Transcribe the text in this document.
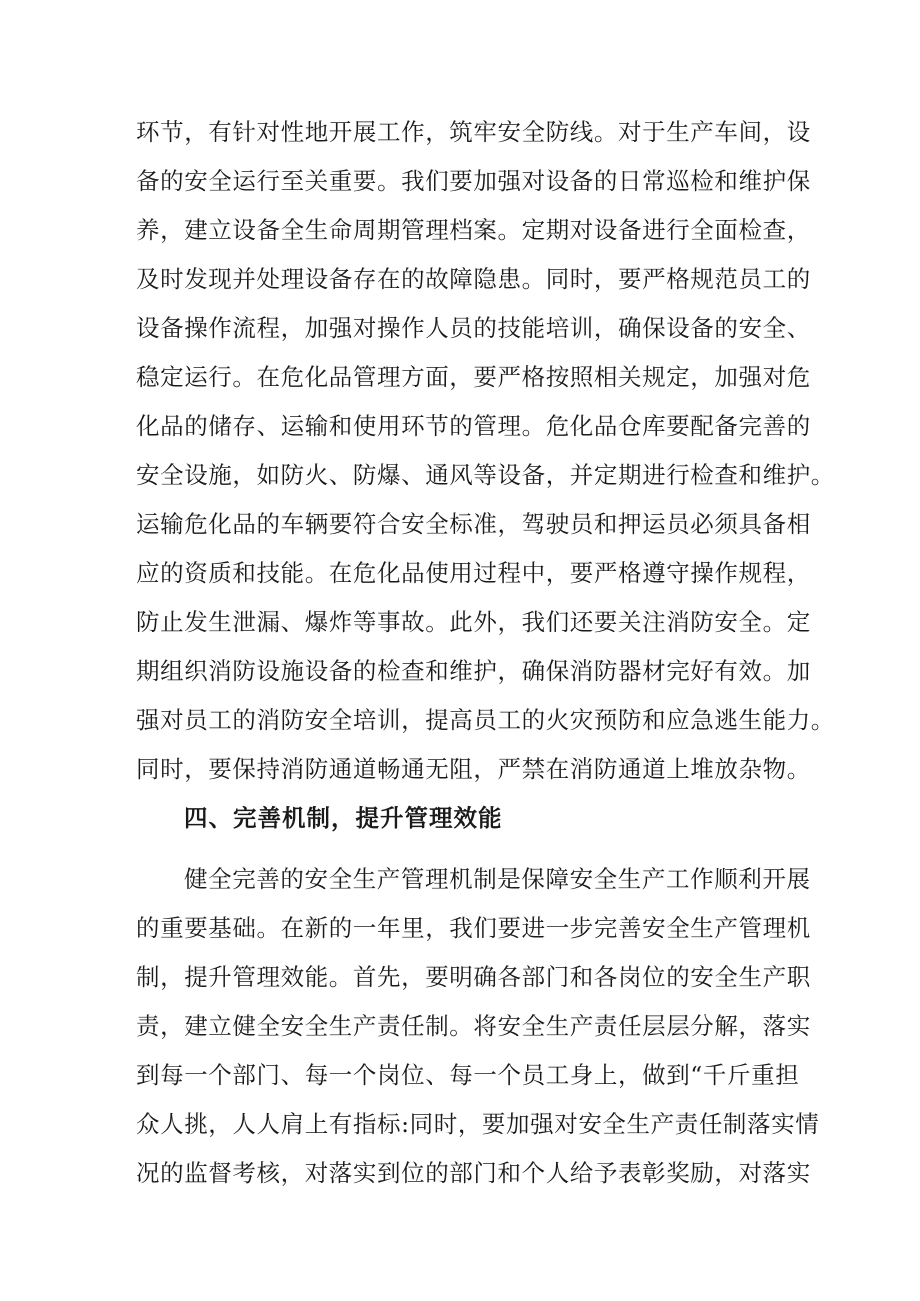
环节，有针对性地开展工作，筑牢安全防线。对于生产车间，设
备的安全运行至关重要。我们要加强对设备的日常巡检和维护保
养，建立设备全生命周期管理档案。定期对设备进行全面检查，
及时发现并处理设备存在的故障隐患。同时，要严格规范员工的
设备操作流程，加强对操作人员的技能培训，确保设备的安全、
稳定运行。在危化品管理方面，要严格按照相关规定，加强对危
化品的储存、运输和使用环节的管理。危化品仓库要配备完善的
安全设施，如防火、防爆、通风等设备，并定期进行检查和维护。
运输危化品的车辆要符合安全标准，驾驶员和押运员必须具备相
应的资质和技能。在危化品使用过程中，要严格遵守操作规程，
防止发生泄漏、爆炸等事故。此外，我们还要关注消防安全。定
期组织消防设施设备的检查和维护，确保消防器材完好有效。加
强对员工的消防安全培训，提高员工的火灾预防和应急逃生能力。
同时，要保持消防通道畅通无阻，严禁在消防通道上堆放杂物。
四、完善机制，提升管理效能
健全完善的安全生产管理机制是保障安全生产工作顺利开展
的重要基础。在新的一年里，我们要进一步完善安全生产管理机
制，提升管理效能。首先，要明确各部门和各岗位的安全生产职
责，建立健全安全生产责任制。将安全生产责任层层分解，落实
到每一个部门、每一个岗位、每一个员工身上，做到“千斤重担
众人挑，人人肩上有指标:同时，要加强对安全生产责任制落实情
况的监督考核，对落实到位的部门和个人给予表彰奖励，对落实
